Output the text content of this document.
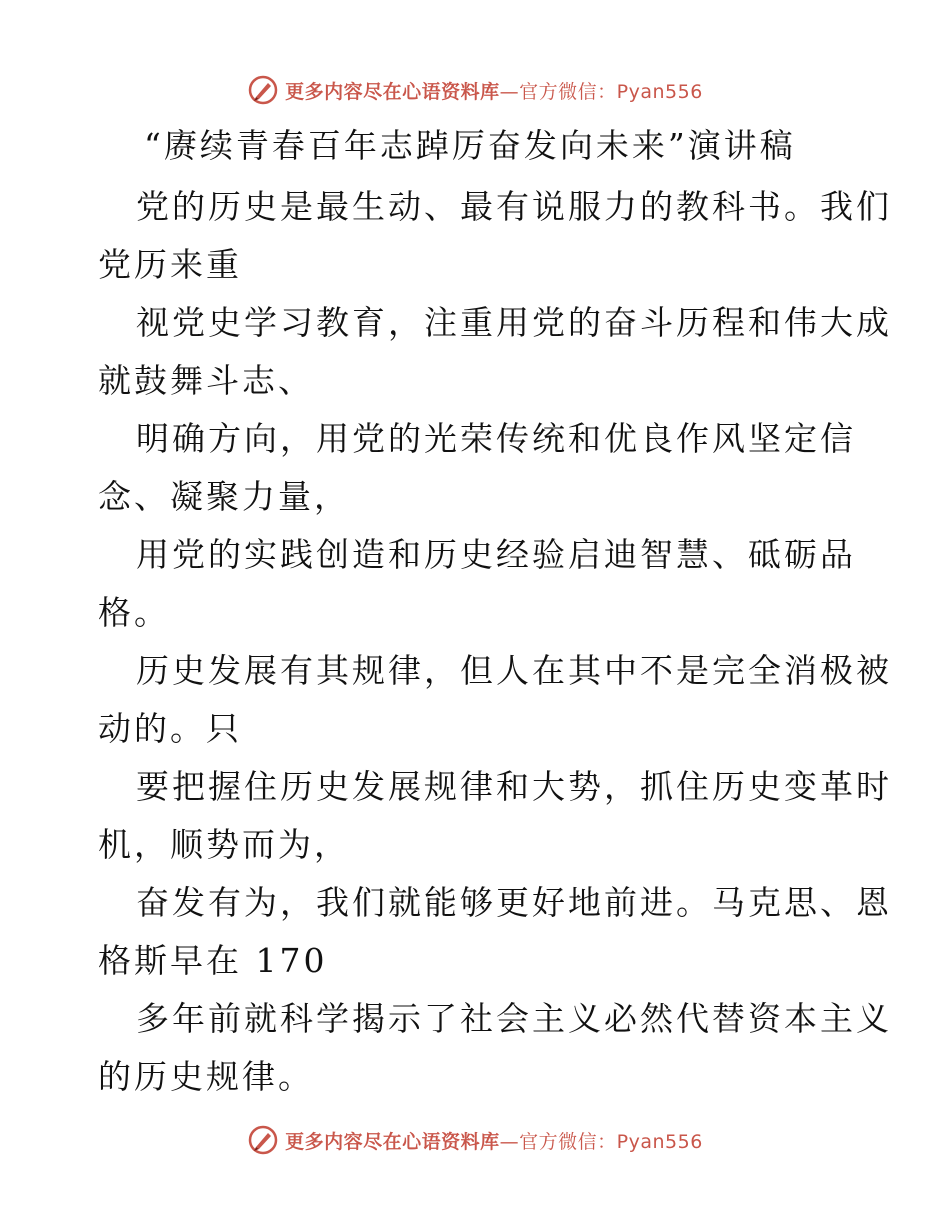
更多内容尽在心语资料库—官方微信：Pyan556
“赓续青春百年志踔厉奋发向未来”演讲稿

党的历史是最生动、最有说服力的教科书。我们
党历来重

视党史学习教育，注重用党的奋斗历程和伟大成
就鼓舞斗志、

明确方向，用党的光荣传统和优良作风坚定信
念、凝聚力量，

用党的实践创造和历史经验启迪智慧、砥砺品
格。

历史发展有其规律，但人在其中不是完全消极被
动的。只

要把握住历史发展规律和大势，抓住历史变革时
机，顺势而为，

奋发有为，我们就能够更好地前进。马克思、恩
格斯早在 170

多年前就科学揭示了社会主义必然代替资本主义
的历史规律。

更多内容尽在心语资料库—官方微信：Pyan556
